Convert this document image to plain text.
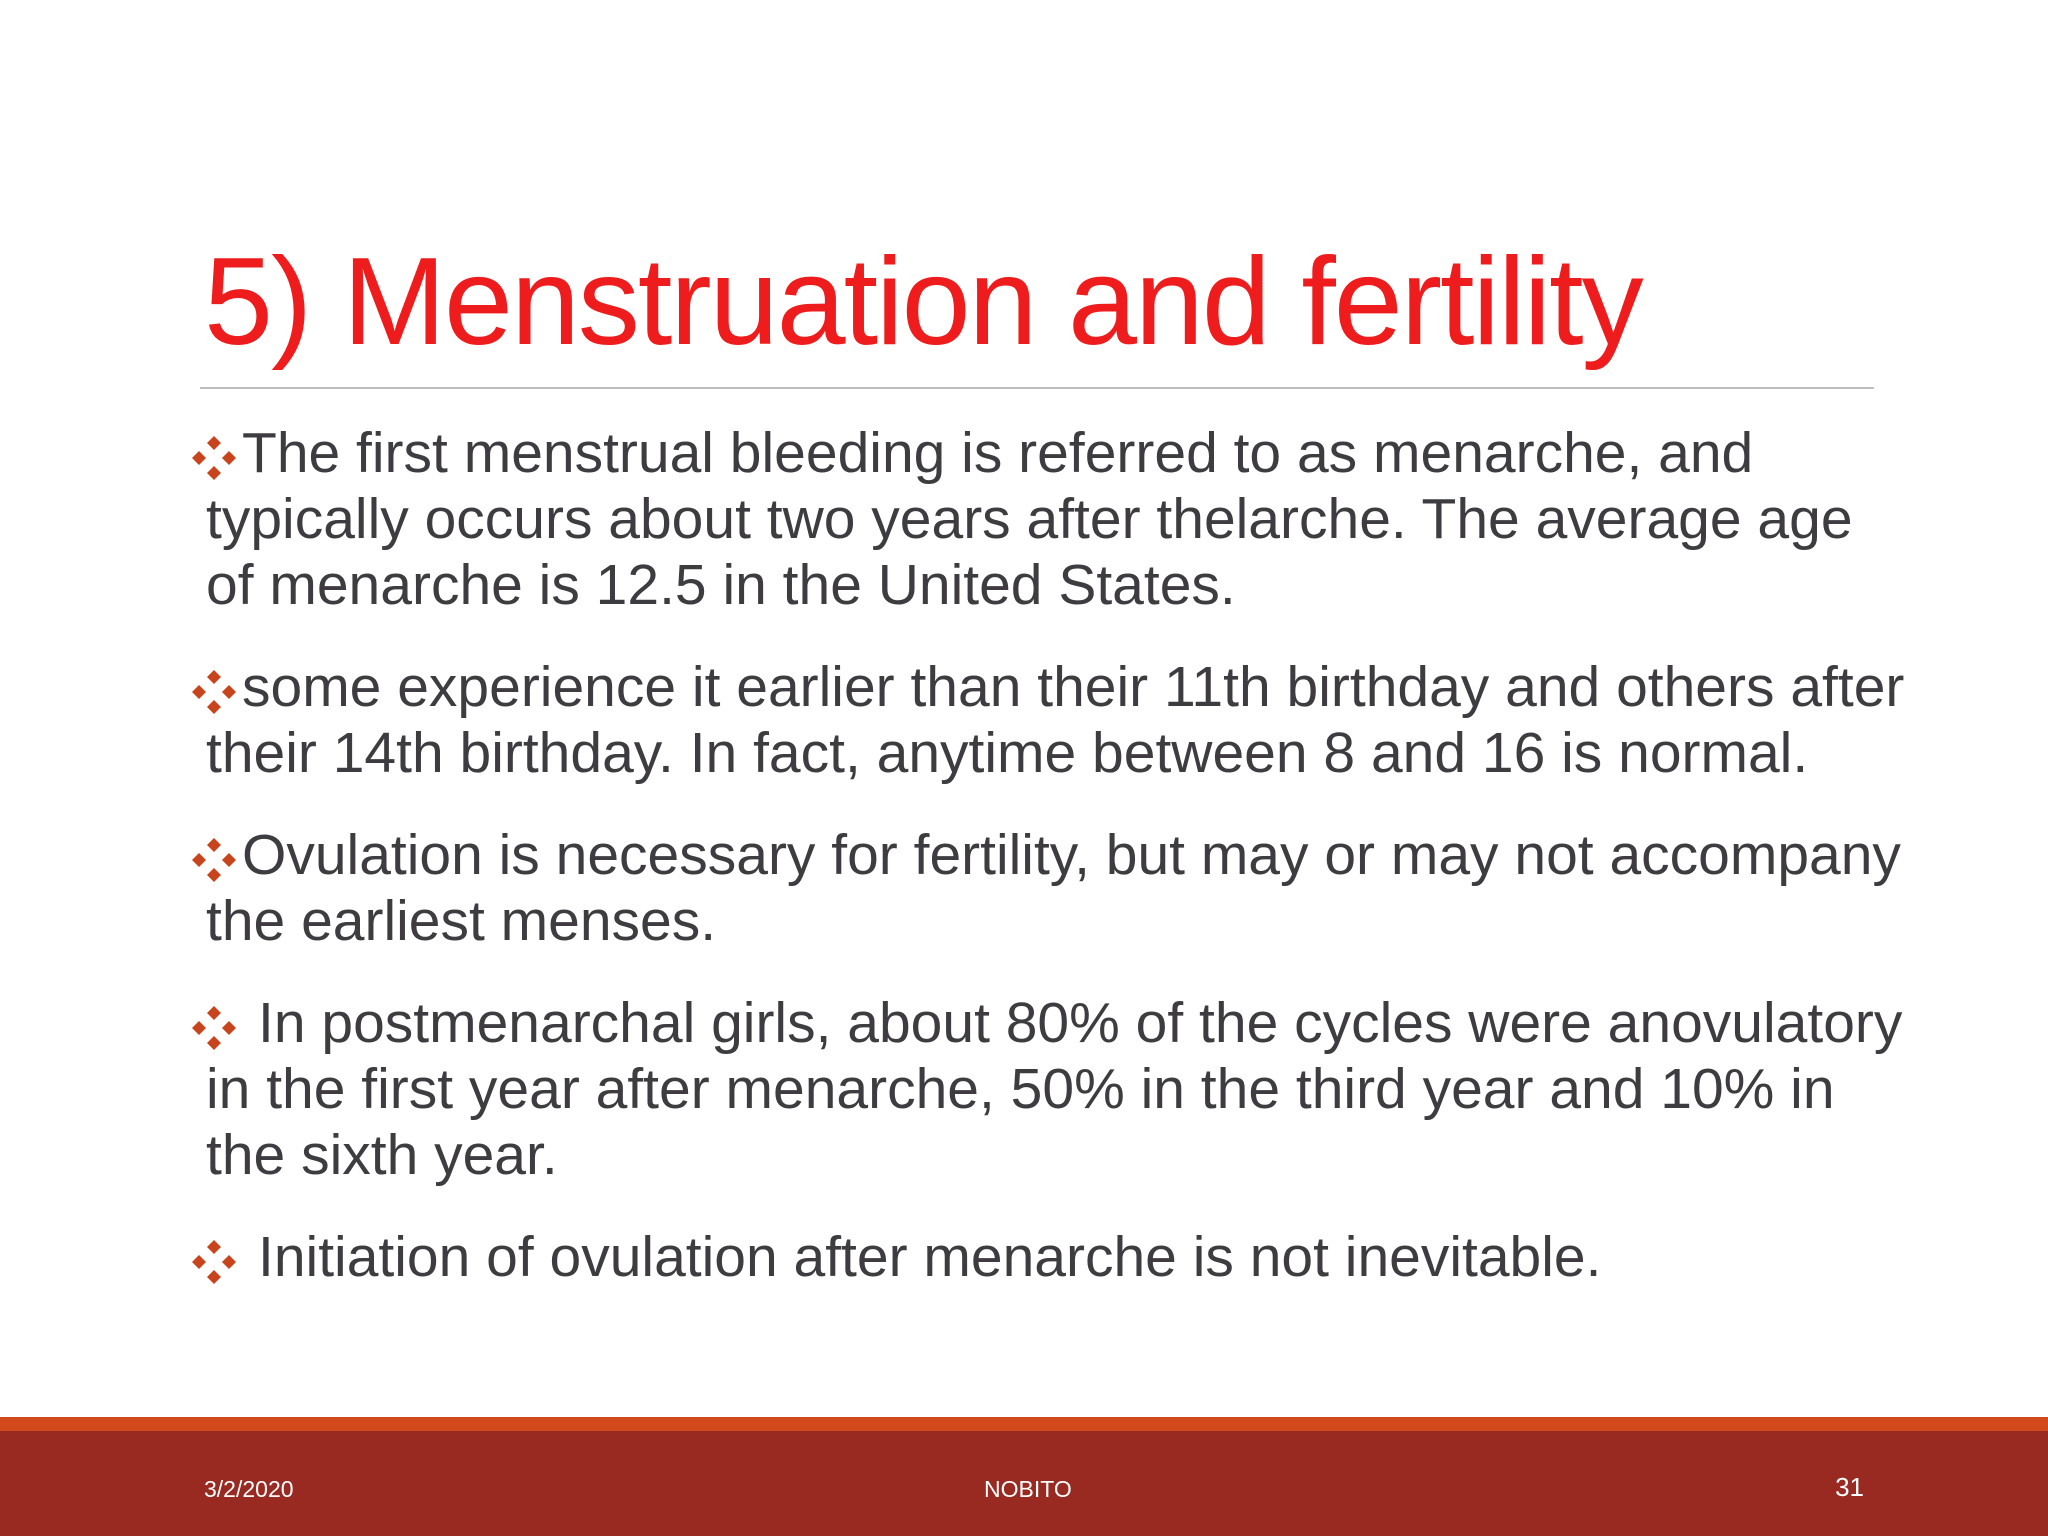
5) Menstruation and fertility
The first menstrual bleeding is referred to as menarche, and typically occurs about two years after thelarche. The average age of menarche is 12.5 in the United States.
some experience it earlier than their 11th birthday and others after their 14th birthday. In fact, anytime between 8 and 16 is normal.
Ovulation is necessary for fertility, but may or may not accompany the earliest menses.
In postmenarchal girls, about 80% of the cycles were anovulatory in the first year after menarche, 50% in the third year and 10% in the sixth year.
Initiation of ovulation after menarche is not inevitable.
3/2/2020	NOBITO	31
